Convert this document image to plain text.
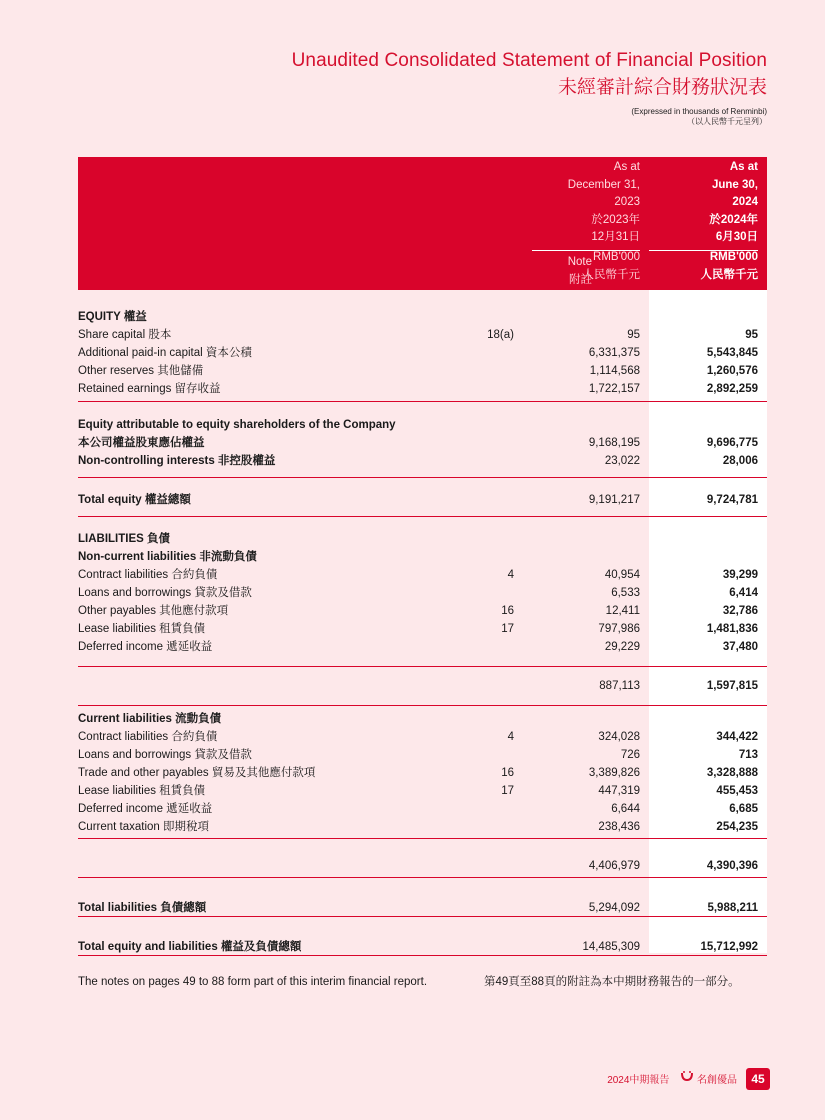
Unaudited Consolidated Statement of Financial Position
未經審計綜合財務狀況表
(Expressed in thousands of Renminbi)
（以人民幣千元呈列）
As at
December 31,
2023
於2023年
12月31日
RMB'000
人民幣千元
As at
June 30,
2024
於2024年
6月30日
RMB'000
人民幣千元
Note
附註
EQUITY 權益
Share capital 股本	18(a)	95	95
Additional paid-in capital 資本公積	6,331,375	5,543,845
Other reserves 其他儲備	1,114,568	1,260,576
Retained earnings 留存收益	1,722,157	2,892,259
Equity attributable to equity shareholders of the Company
本公司權益股東應佔權益	9,168,195	9,696,775
Non-controlling interests 非控股權益	23,022	28,006
Total equity 權益總額	9,191,217	9,724,781
LIABILITIES 負債
Non-current liabilities 非流動負債
Contract liabilities 合約負債	4	40,954	39,299
Loans and borrowings 貸款及借款	6,533	6,414
Other payables 其他應付款項	16	12,411	32,786
Lease liabilities 租賃負債	17	797,986	1,481,836
Deferred income 遞延收益	29,229	37,480
887,113	1,597,815
Current liabilities 流動負債
Contract liabilities 合約負債	4	324,028	344,422
Loans and borrowings 貸款及借款	726	713
Trade and other payables 貿易及其他應付款項	16	3,389,826	3,328,888
Lease liabilities 租賃負債	17	447,319	455,453
Deferred income 遞延收益	6,644	6,685
Current taxation 即期稅項	238,436	254,235
4,406,979	4,390,396
Total liabilities 負債總額	5,294,092	5,988,211
Total equity and liabilities 權益及負債總額	14,485,309	15,712,992
The notes on pages 49 to 88 form part of this interim financial report.	第49頁至88頁的附註為本中期財務報告的一部分。
2024中期報告	名創優品	45
